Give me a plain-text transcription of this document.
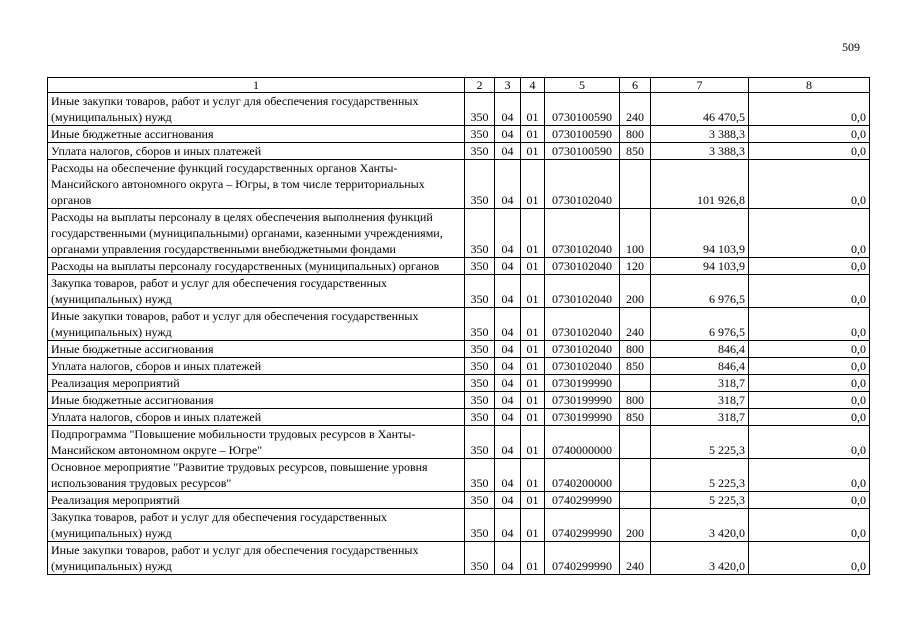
509
1	2	3	4	5	6	7	8
Иные закупки товаров, работ и услуг для обеспечения государственных (муниципальных) нужд	350	04	01	0730100590	240	46 470,5	0,0
Иные бюджетные ассигнования	350	04	01	0730100590	800	3 388,3	0,0
Уплата налогов, сборов и иных платежей	350	04	01	0730100590	850	3 388,3	0,0
Расходы на обеспечение функций государственных органов Ханты-Мансийского автономного округа – Югры, в том числе территориальных органов	350	04	01	0730102040		101 926,8	0,0
Расходы на выплаты персоналу в целях обеспечения выполнения функций государственными (муниципальными) органами, казенными учреждениями, органами управления государственными внебюджетными фондами	350	04	01	0730102040	100	94 103,9	0,0
Расходы на выплаты персоналу государственных (муниципальных) органов	350	04	01	0730102040	120	94 103,9	0,0
Закупка товаров, работ и услуг для обеспечения государственных (муниципальных) нужд	350	04	01	0730102040	200	6 976,5	0,0
Иные закупки товаров, работ и услуг для обеспечения государственных (муниципальных) нужд	350	04	01	0730102040	240	6 976,5	0,0
Иные бюджетные ассигнования	350	04	01	0730102040	800	846,4	0,0
Уплата налогов, сборов и иных платежей	350	04	01	0730102040	850	846,4	0,0
Реализация мероприятий	350	04	01	0730199990		318,7	0,0
Иные бюджетные ассигнования	350	04	01	0730199990	800	318,7	0,0
Уплата налогов, сборов и иных платежей	350	04	01	0730199990	850	318,7	0,0
Подпрограмма "Повышение мобильности трудовых ресурсов в Ханты-Мансийском автономном округе – Югре"	350	04	01	0740000000		5 225,3	0,0
Основное мероприятие "Развитие трудовых ресурсов, повышение уровня использования трудовых ресурсов"	350	04	01	0740200000		5 225,3	0,0
Реализация мероприятий	350	04	01	0740299990		5 225,3	0,0
Закупка товаров, работ и услуг для обеспечения государственных (муниципальных) нужд	350	04	01	0740299990	200	3 420,0	0,0
Иные закупки товаров, работ и услуг для обеспечения государственных (муниципальных) нужд	350	04	01	0740299990	240	3 420,0	0,0
